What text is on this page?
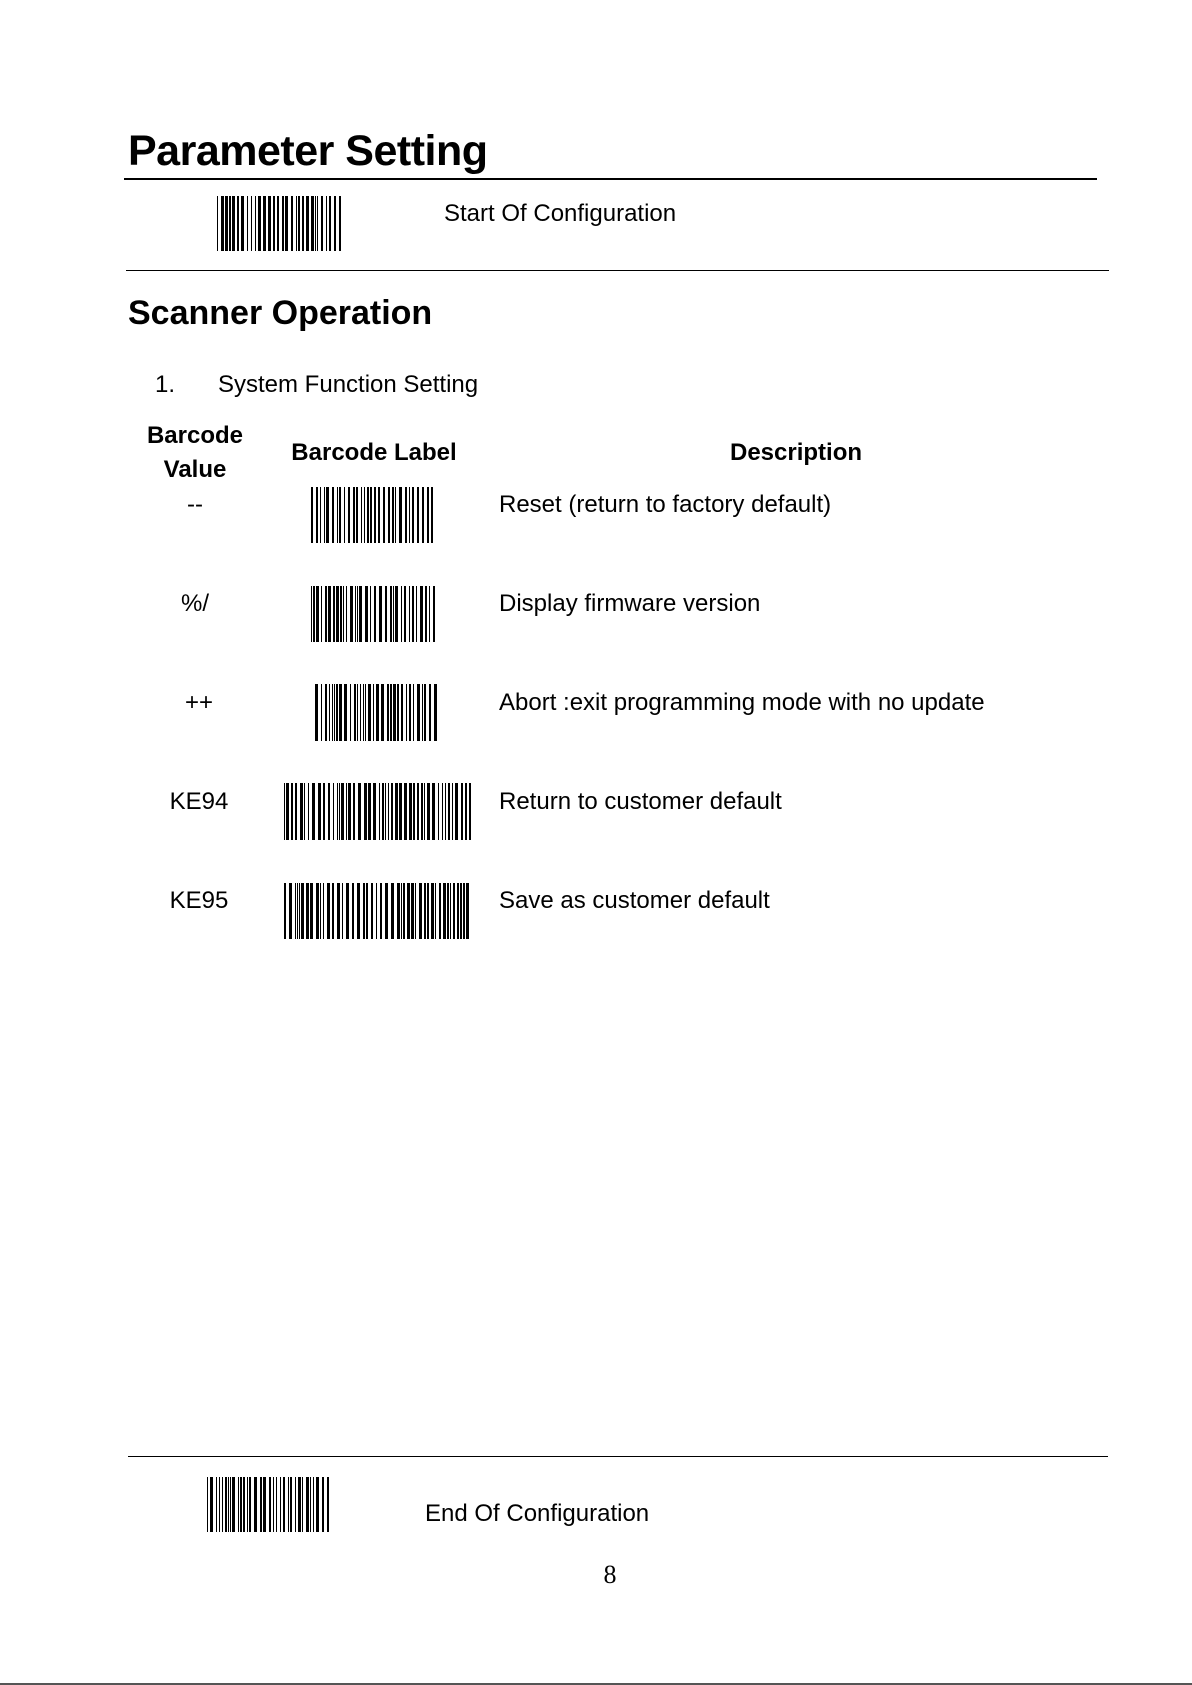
Parameter Setting
Start Of Configuration
Scanner Operation
1. System Function Setting
Barcode
Value
Barcode Label	Description
--	Reset (return to factory default)
%/	Display firmware version
++	Abort :exit programming mode with no update
KE94	Return to customer default
KE95	Save as customer default
End Of Configuration
8
